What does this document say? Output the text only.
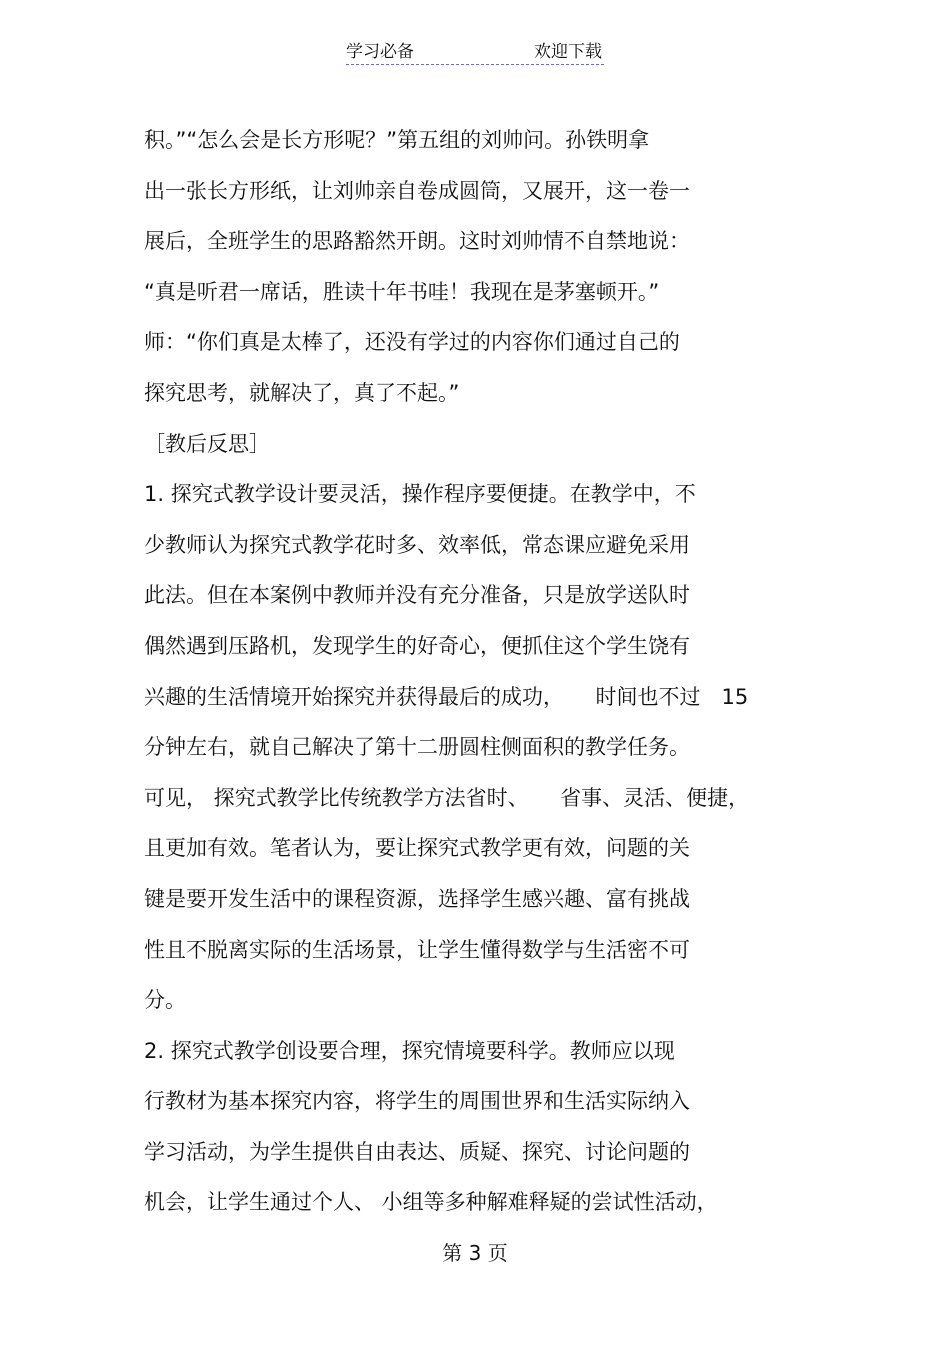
学习必备	欢迎下载
积。”“怎么会是长方形呢？”第五组的刘帅问。孙铁明拿
出一张长方形纸，让刘帅亲自卷成圆筒，又展开，这一卷一
展后，全班学生的思路豁然开朗。这时刘帅情不自禁地说：
“真是听君一席话，胜读十年书哇！我现在是茅塞顿开。”
师：“你们真是太棒了，还没有学过的内容你们通过自己的
探究思考，就解决了，真了不起。”
［教后反思］
1. 探究式教学设计要灵活，操作程序要便捷。在教学中，不
少教师认为探究式教学花时多、效率低，常态课应避免采用
此法。但在本案例中教师并没有充分准备，只是放学送队时
偶然遇到压路机，发现学生的好奇心，便抓住这个学生饶有
兴趣的生活情境开始探究并获得最后的成功，　　时间也不过　15
分钟左右，就自己解决了第十二册圆柱侧面积的教学任务。
可见， 探究式教学比传统教学方法省时、　　省事、灵活、便捷，
且更加有效。笔者认为，要让探究式教学更有效，问题的关
键是要开发生活中的课程资源，选择学生感兴趣、富有挑战
性且不脱离实际的生活场景，让学生懂得数学与生活密不可
分。
2. 探究式教学创设要合理，探究情境要科学。教师应以现
行教材为基本探究内容，将学生的周围世界和生活实际纳入
学习活动，为学生提供自由表达、质疑、探究、讨论问题的
机会，让学生通过个人、 小组等多种解难释疑的尝试性活动，
第 3 页
